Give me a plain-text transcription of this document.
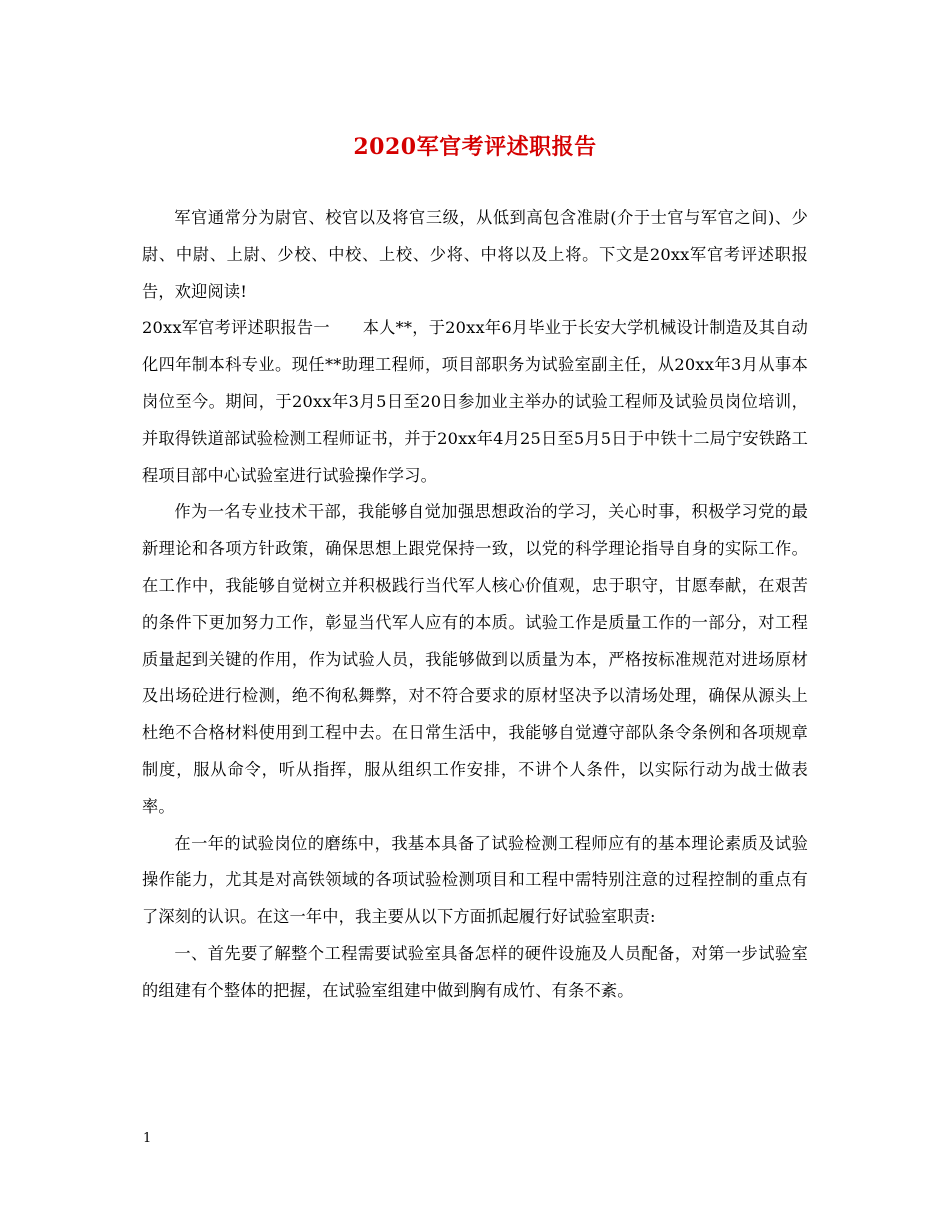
2020军官考评述职报告

军官通常分为尉官、校官以及将官三级，从低到高包含准尉(介于士官与军官之间)、少尉、中尉、上尉、少校、中校、上校、少将、中将以及上将。下文是20xx军官考评述职报告，欢迎阅读!

20xx军官考评述职报告一　　本人**，于20xx年6月毕业于长安大学机械设计制造及其自动化四年制本科专业。现任**助理工程师，项目部职务为试验室副主任，从20xx年3月从事本岗位至今。期间，于20xx年3月5日至20日参加业主举办的试验工程师及试验员岗位培训，并取得铁道部试验检测工程师证书，并于20xx年4月25日至5月5日于中铁十二局宁安铁路工程项目部中心试验室进行试验操作学习。

作为一名专业技术干部，我能够自觉加强思想政治的学习，关心时事，积极学习党的最新理论和各项方针政策，确保思想上跟党保持一致，以党的科学理论指导自身的实际工作。在工作中，我能够自觉树立并积极践行当代军人核心价值观，忠于职守，甘愿奉献，在艰苦的条件下更加努力工作，彰显当代军人应有的本质。试验工作是质量工作的一部分，对工程质量起到关键的作用，作为试验人员，我能够做到以质量为本，严格按标准规范对进场原材及出场砼进行检测，绝不徇私舞弊，对不符合要求的原材坚决予以清场处理，确保从源头上杜绝不合格材料使用到工程中去。在日常生活中，我能够自觉遵守部队条令条例和各项规章制度，服从命令，听从指挥，服从组织工作安排，不讲个人条件，以实际行动为战士做表率。

在一年的试验岗位的磨练中，我基本具备了试验检测工程师应有的基本理论素质及试验操作能力，尤其是对高铁领域的各项试验检测项目和工程中需特别注意的过程控制的重点有了深刻的认识。在这一年中，我主要从以下方面抓起履行好试验室职责:

一、首先要了解整个工程需要试验室具备怎样的硬件设施及人员配备，对第一步试验室的组建有个整体的把握，在试验室组建中做到胸有成竹、有条不紊。

1
